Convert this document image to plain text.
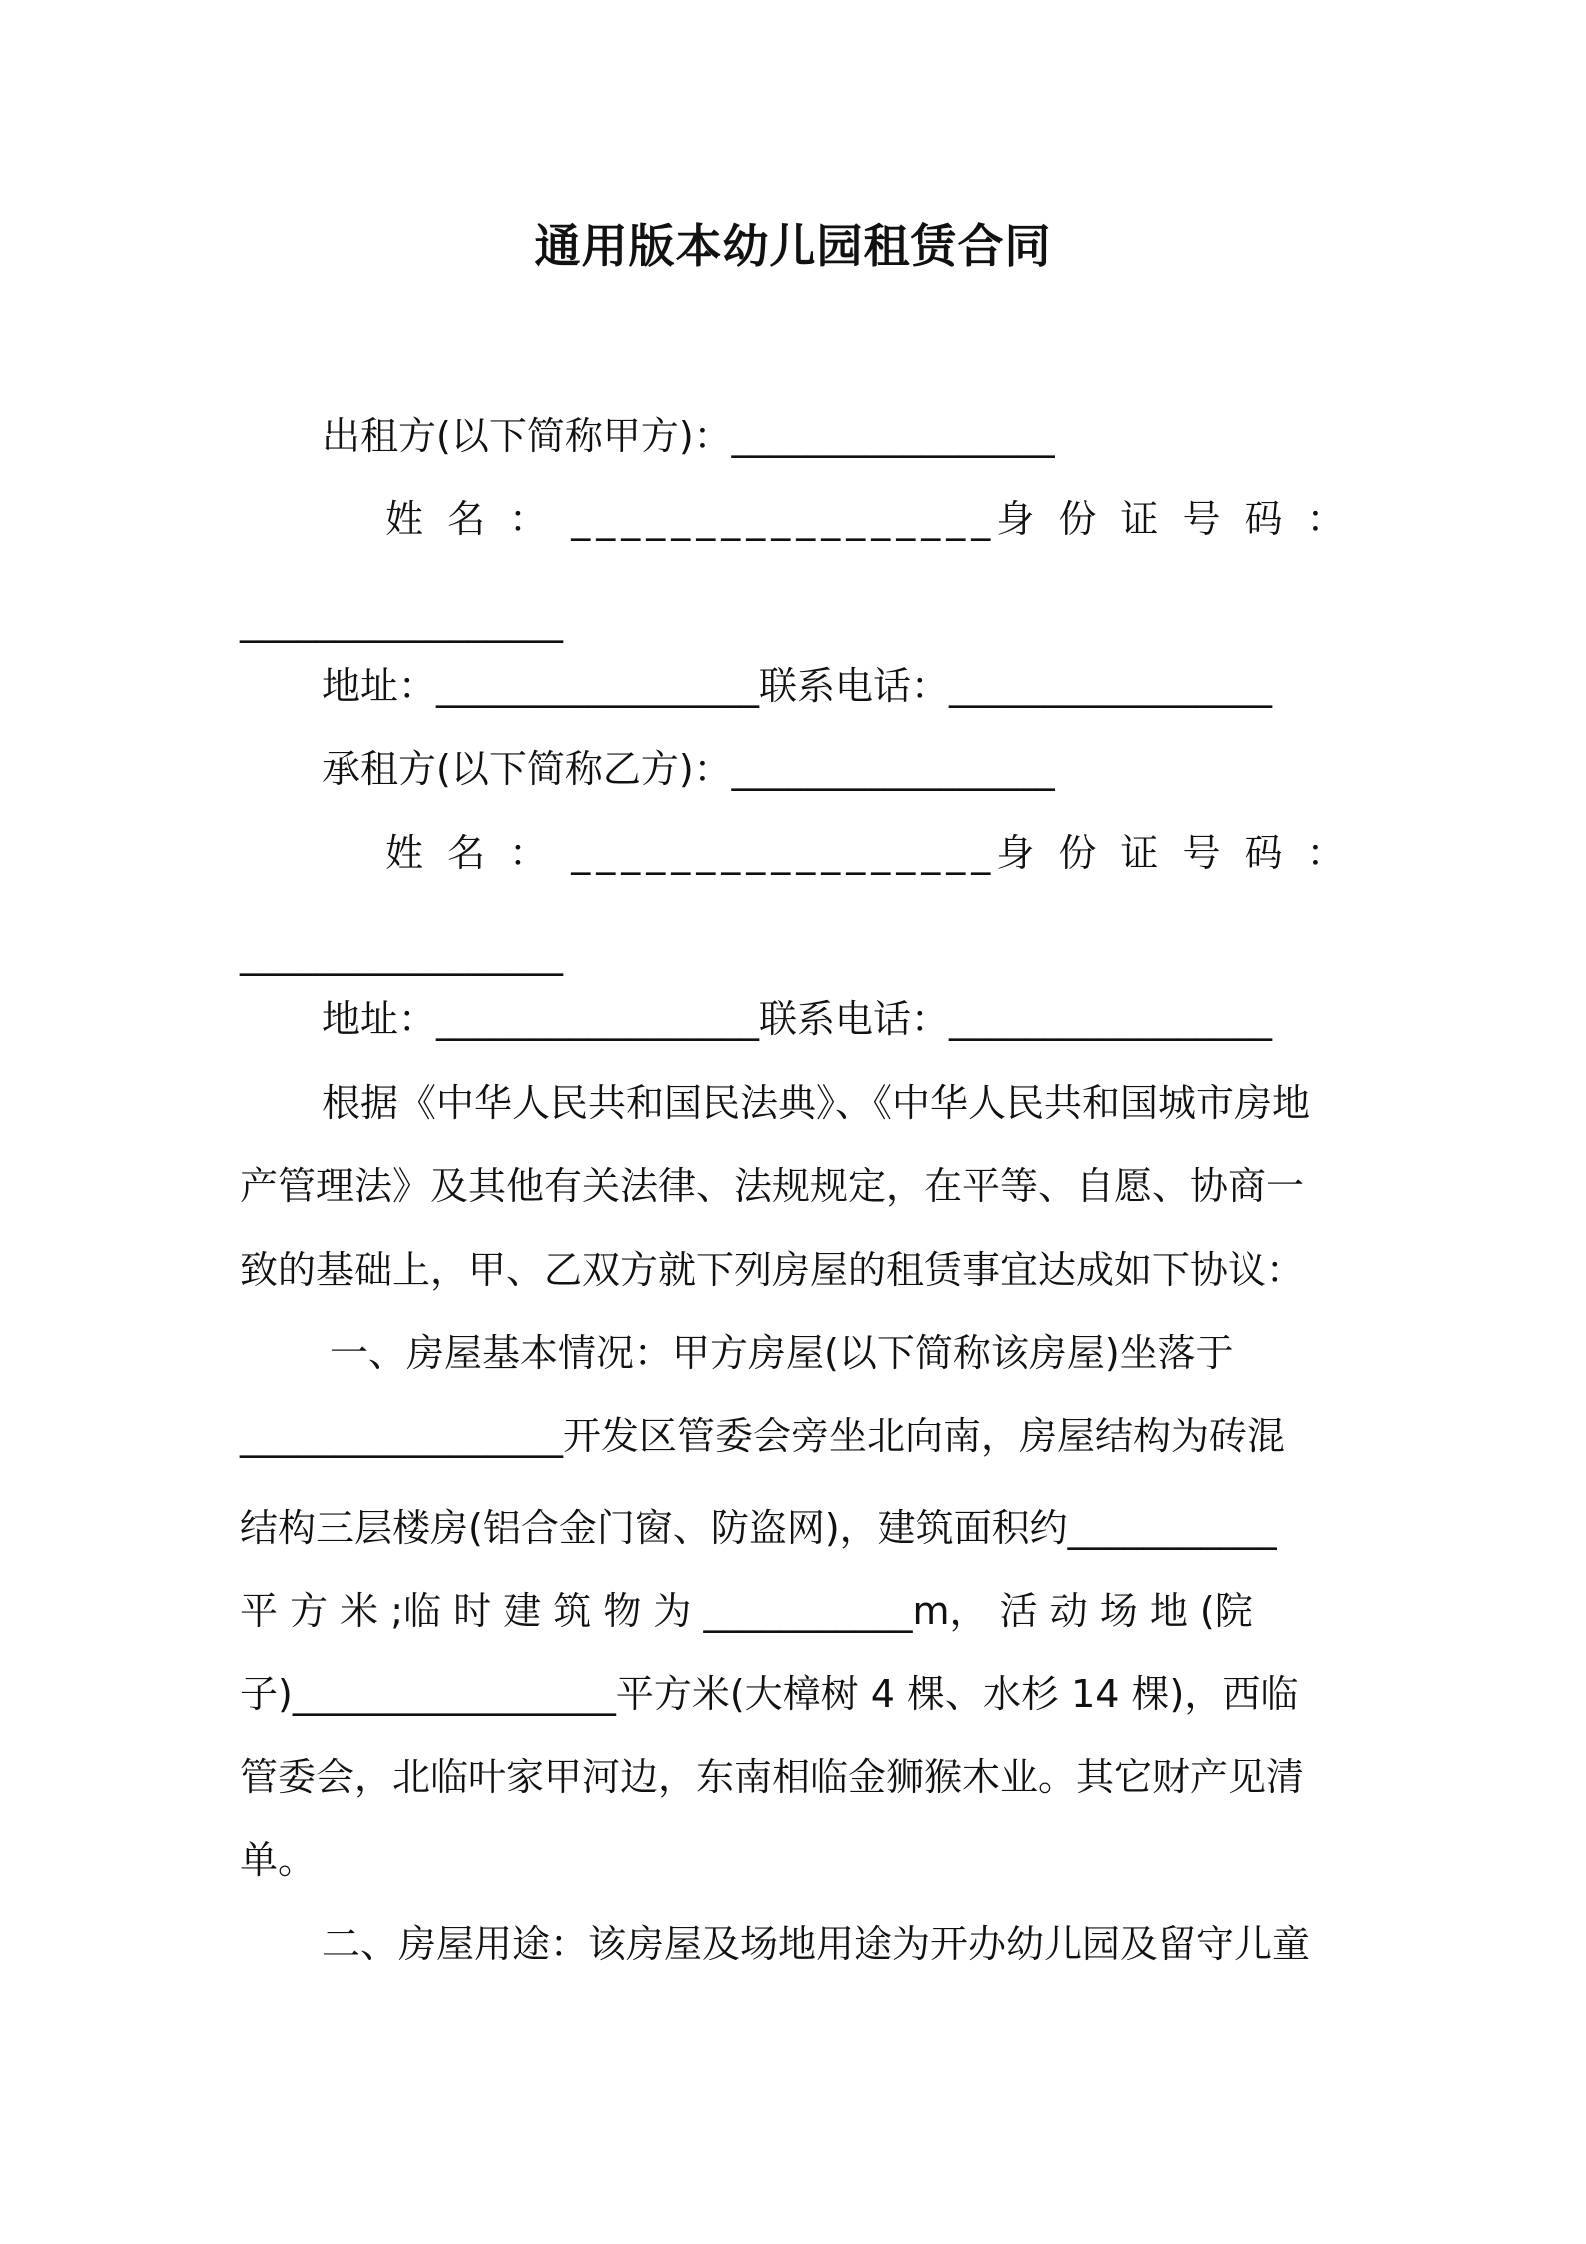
通用版本幼儿园租赁合同
出租方(以下简称甲方)：_________________
姓 名 ： _________________身 份 证 号 码 ：
_________________
地址：_________________联系电话：_________________
承租方(以下简称乙方)：_________________
姓 名 ： _________________身 份 证 号 码 ：
_________________
地址：_________________联系电话：_________________
根据《中华人民共和国民法典》、《中华人民共和国城市房地
产管理法》及其他有关法律、法规规定，在平等、自愿、协商一
致的基础上，甲、乙双方就下列房屋的租赁事宜达成如下协议：
一、房屋基本情况：甲方房屋(以下简称该房屋)坐落于
_________________开发区管委会旁坐北向南，房屋结构为砖混
结构三层楼房(铝合金门窗、防盗网)，建筑面积约___________
平 方 米 ;临 时 建 筑 物 为 ___________m， 活 动 场 地 (院
子)_________________平方米(大樟树 4 棵、水杉 14 棵)，西临
管委会，北临叶家甲河边，东南相临金狮猴木业。其它财产见清
单。
二、房屋用途：该房屋及场地用途为开办幼儿园及留守儿童
